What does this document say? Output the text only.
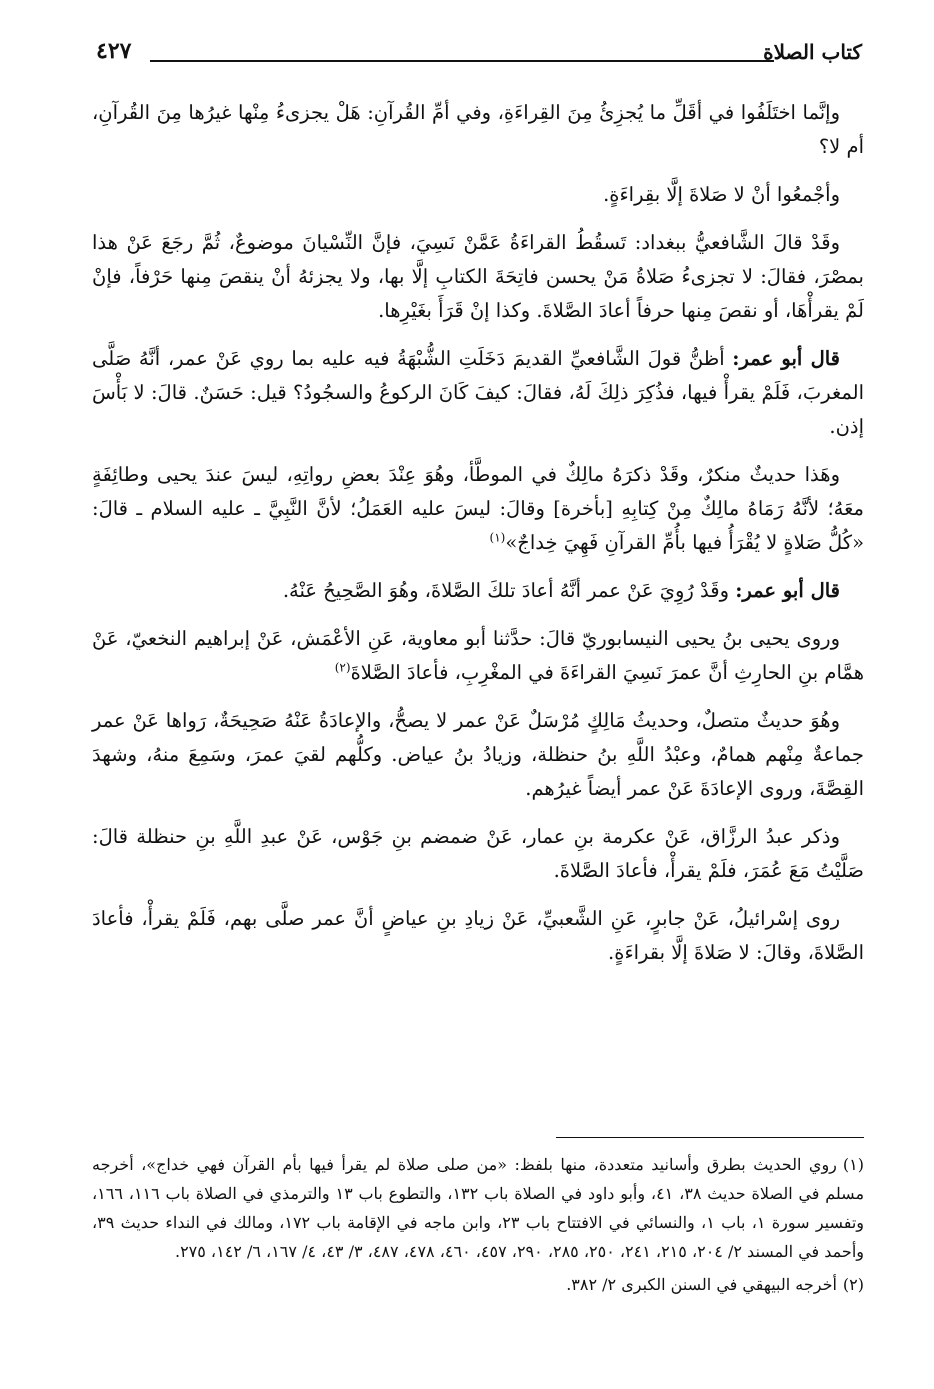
كتاب الصلاة
٤٢٧

وإنَّما اختَلَفُوا في أقَلِّ ما يُجزِئُ مِنَ القِراءَةِ، وفي أمِّ القُرآنِ: هَلْ يجزىءُ مِنْها غيرُها مِنَ القُرآنِ، أم لا؟

وأجْمعُوا أنْ لا صَلاةَ إلَّا بقِراءَةٍ.

وقَدْ قالَ الشَّافعيُّ ببغداد: تَسقُطُ القراءَةُ عَمَّنْ نَسِيَ، فإنَّ النِّسْيانَ موضوعٌ، ثُمَّ رجَعَ عَنْ هذا بمصْرَ، فقالَ: لا تجزىءُ صَلاةُ مَنْ يحسن فاتِحَةَ الكتابِ إلَّا بها، ولا يجزئهُ أنْ ينقصَ مِنها حَرْفاً، فإنْ لَمْ يقرأْهَا، أو نقصَ مِنها حرفاً أعادَ الصَّلاةَ. وكذا إنْ قَرَأَ بغَيْرِها.

قال أبو عمر: أظنُّ قولَ الشَّافعيِّ القديمَ دَخَلَتِ الشُّبْهَةُ فيه عليه بما روي عَنْ عمر، أنَّهُ صَلَّى المغربَ، فَلَمْ يقرأْ فيها، فذُكِرَ ذلِكَ لَهُ، فقالَ: كيفَ كَانَ الركوعُ والسجُودُ؟ قيل: حَسَنٌ. قالَ: لا بَأْسَ إذن.

وهَذا حديثٌ منكرٌ، وقَدْ ذكرَهُ مالِكٌ في الموطَّأ، وهُوَ عِنْدَ بعضِ رواتِهِ، ليسَ عندَ يحيى وطائِفَةٍ معَهُ؛ لأنَّهُ رَمَاهُ مالِكٌ مِنْ كِتابِهِ [بأخرة] وقالَ: ليسَ عليه العَمَلُ؛ لأنَّ النَّبِيَّ ـ عليه السلام ـ قالَ: «كُلُّ صَلاةٍ لا يُقْرَأُ فيها بأُمِّ القرآنِ فَهِيَ خِداجٌ»$^{(١)}$

قال أبو عمر: وقَدْ رُوِيَ عَنْ عمر أنَّهُ أعادَ تلكَ الصَّلاةَ، وهُوَ الصَّحِيحُ عَنْهُ.

وروى يحيى بنُ يحيى النيسابوريّ قالَ: حدَّثنا أبو معاوية، عَنِ الأعْمَش، عَنْ إبراهيم النخعيّ، عَنْ همَّام بنِ الحارِثِ أنَّ عمرَ نَسِيَ القراءَةَ في المغْرِبِ، فأعادَ الصَّلاةَ$^{(٢)}$

وهُوَ حديثٌ متصلٌ، وحديثُ مَالِكٍ مُرْسَلٌ عَنْ عمر لا يصحُّ، والإعادَةُ عَنْهُ صَحِيحَةٌ، رَواها عَنْ عمر جماعةٌ مِنْهم همامٌ، وعبْدُ اللَّهِ بنُ حنظلة، وزيادُ بنُ عياض. وكلُّهم لقيَ عمرَ، وسَمِعَ منهُ، وشهدَ القِصَّةَ، وروى الإعادَةَ عَنْ عمر أيضاً غيرُهم.

وذكر عبدُ الرزَّاق، عَنْ عكرمة بنِ عمار، عَنْ ضمضم بنِ جَوْس، عَنْ عبدِ اللَّهِ بنِ حنظلة قالَ: صَلَّيْتُ مَعَ عُمَرَ، فلَمْ يقرأْ، فأعادَ الصَّلاةَ.

روى إسْرائيلُ، عَنْ جابرٍ، عَنِ الشَّعبيِّ، عَنْ زيادِ بنِ عياضٍ أنَّ عمر صلَّى بهم، فَلَمْ يقرأْ، فأعادَ الصَّلاةَ، وقالَ: لا صَلاةَ إلَّا بقراءَةٍ.

(١)روي الحديث بطرق وأسانيد متعددة، منها بلفظ: «من صلى صلاة لم يقرأ فيها بأم القرآن فهي خداج»، أخرجه مسلم في الصلاة حديث ٣٨، ٤١، وأبو داود في الصلاة باب ١٣٢، والتطوع باب ١٣ والترمذي في الصلاة باب ١١٦، ١٦٦، وتفسير سورة ١، باب ١، والنسائي في الافتتاح باب ٢٣، وابن ماجه في الإقامة باب ١٧٢، ومالك في النداء حديث ٣٩، وأحمد في المسند ٢/ ٢٠٤، ٢١٥، ٢٤١، ٢٥٠، ٢٨٥، ٢٩٠، ٤٥٧، ٤٦٠، ٤٧٨، ٤٨٧، ٣/ ٤٣، ٤/ ١٦٧، ٦/ ١٤٢، ٢٧٥.

(٢)أخرجه البيهقي في السنن الكبرى ٢/ ٣٨٢.
